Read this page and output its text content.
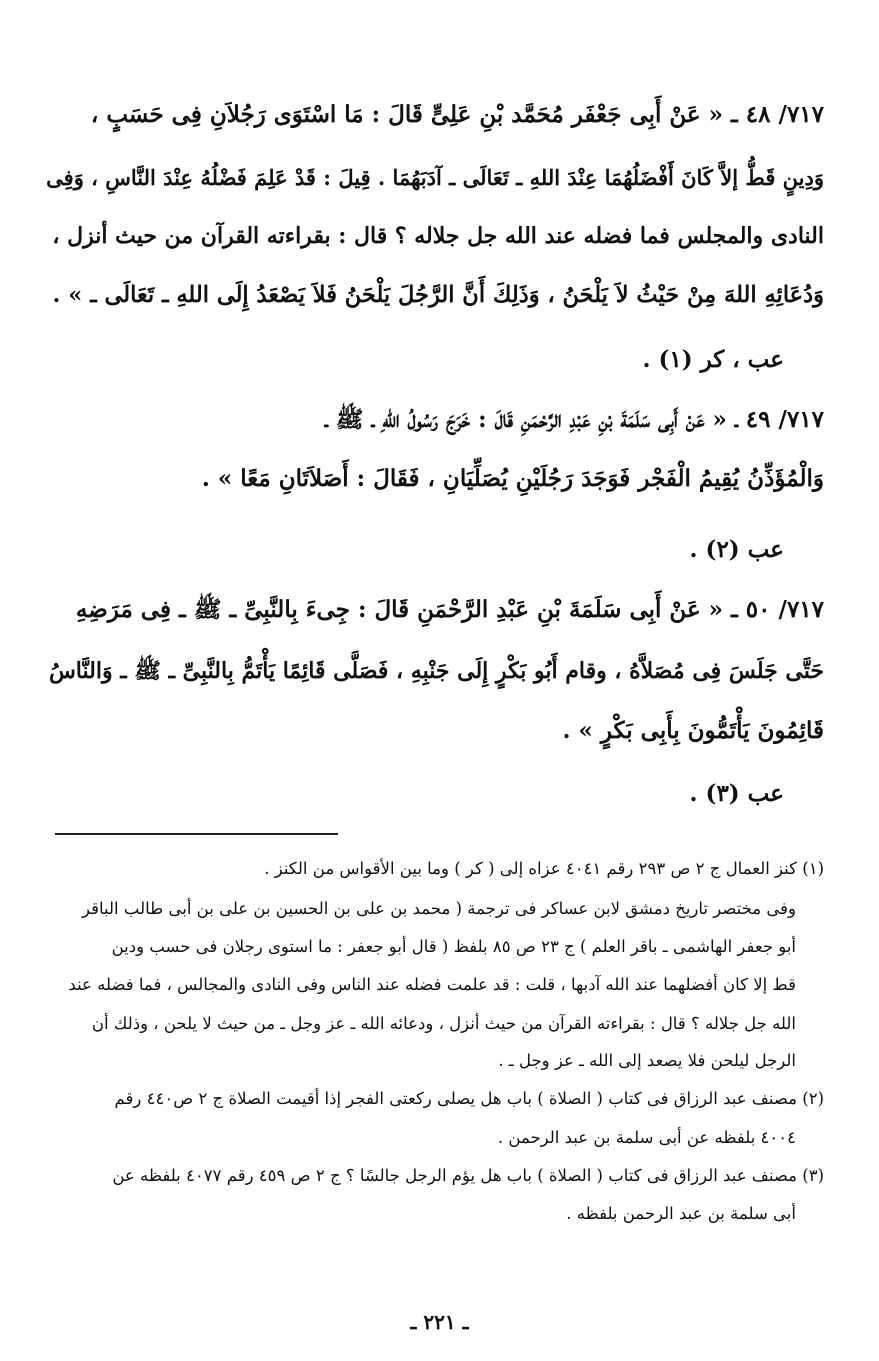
٧١٧/ ٤٨ ـ « عَنْ أَبِى جَعْفَر مُحَمَّد بْنِ عَلِىٍّ قَالَ : مَا اسْتَوَى رَجُلاَنِ فِى حَسَبٍ ،
وَدِينٍ قَطُّ إلاَّ كَانَ أَفْضَلُهُمَا عِنْدَ اللهِ ـ تَعَالَى ـ آدَبَهُمَا . قِيلَ : قَدْ عَلِمَ فَضْلُهُ عِنْدَ النَّاسِ ، وَفِى
النادى والمجلس فما فضله عند الله جل جلاله ؟ قال : بقراءته القرآن من حيث أنزل ،
وَدُعَائِهِ اللهَ مِنْ حَيْثُ لاَ يَلْحَنُ ، وَذَلِكَ أَنَّ الرَّجُلَ يَلْحَنُ فَلاَ يَصْعَدُ إِلَى اللهِ ـ تَعَالَى ـ » .
عب ، كر (١) .
٧١٧/ ٤٩ ـ « عَنْ أَبِى سَلَمَةَ بْنِ عَبْدِ الرَّحْمَنِ قَالَ : خَرَجَ رَسُولُ اللهِ ـ ﷺ ـ
وَالْمُؤَذِّنُ يُقِيمُ الْفَجْر فَوَجَدَ رَجُلَيْنِ يُصَلِّيَانِ ، فَقَالَ : أَصَلاَتَانِ مَعًا » .
عب (٢) .
٧١٧/ ٥٠ ـ « عَنْ أَبِى سَلَمَةَ بْنِ عَبْدِ الرَّحْمَنِ قَالَ : جِىءَ بِالنَّبِىِّ ـ ﷺ ـ فِى مَرَضِهِ
حَتَّى جَلَسَ فِى مُصَلاَّهُ ، وقام أَبُو بَكْرٍ إِلَى جَنْبِهِ ، فَصَلَّى قَائِمًا يَأْتَمُّ بِالنَّبِىِّ ـ ﷺ ـ وَالنَّاسُ
قَائِمُونَ يَأْتَمُّونَ بِأَبِى بَكْرٍ » .
عب (٣) .
(١) كنز العمال ج ٢ ص ٢٩٣ رقم ٤٠٤١ عزاه إلى ( كر ) وما بين الأقواس من الكنز .
وفى مختصر تاريخ دمشق لابن عساكر فى ترجمة ( محمد بن على بن الحسين بن على بن أبى طالب الباقر
أبو جعفر الهاشمى ـ باقر العلم ) ج ٢٣ ص ٨٥ بلفظ ( قال أبو جعفر : ما استوى رجلان فى حسب ودين
قط إلا كان أفضلهما عند الله آدبها ، قلت : قد علمت فضله عند الناس وفى النادى والمجالس ، فما فضله عند
الله جل جلاله ؟ قال : بقراءته القرآن من حيث أنزل ، ودعائه الله ـ عز وجل ـ من حيث لا يلحن ، وذلك أن
الرجل ليلحن فلا يصعد إلى الله ـ عز وجل ـ .
(٢) مصنف عبد الرزاق فى كتاب ( الصلاة ) باب هل يصلى ركعتى الفجر إذا أقيمت الصلاة ج ٢ ص٤٤٠ رقم
٤٠٠٤ بلفظه عن أبى سلمة بن عبد الرحمن .
(٣) مصنف عبد الرزاق فى كتاب ( الصلاة ) باب هل يؤم الرجل جالسًا ؟ ج ٢ ص ٤٥٩ رقم ٤٠٧٧ بلفظه عن
أبى سلمة بن عبد الرحمن بلفظه .
ـ ٢٢١ ـ
